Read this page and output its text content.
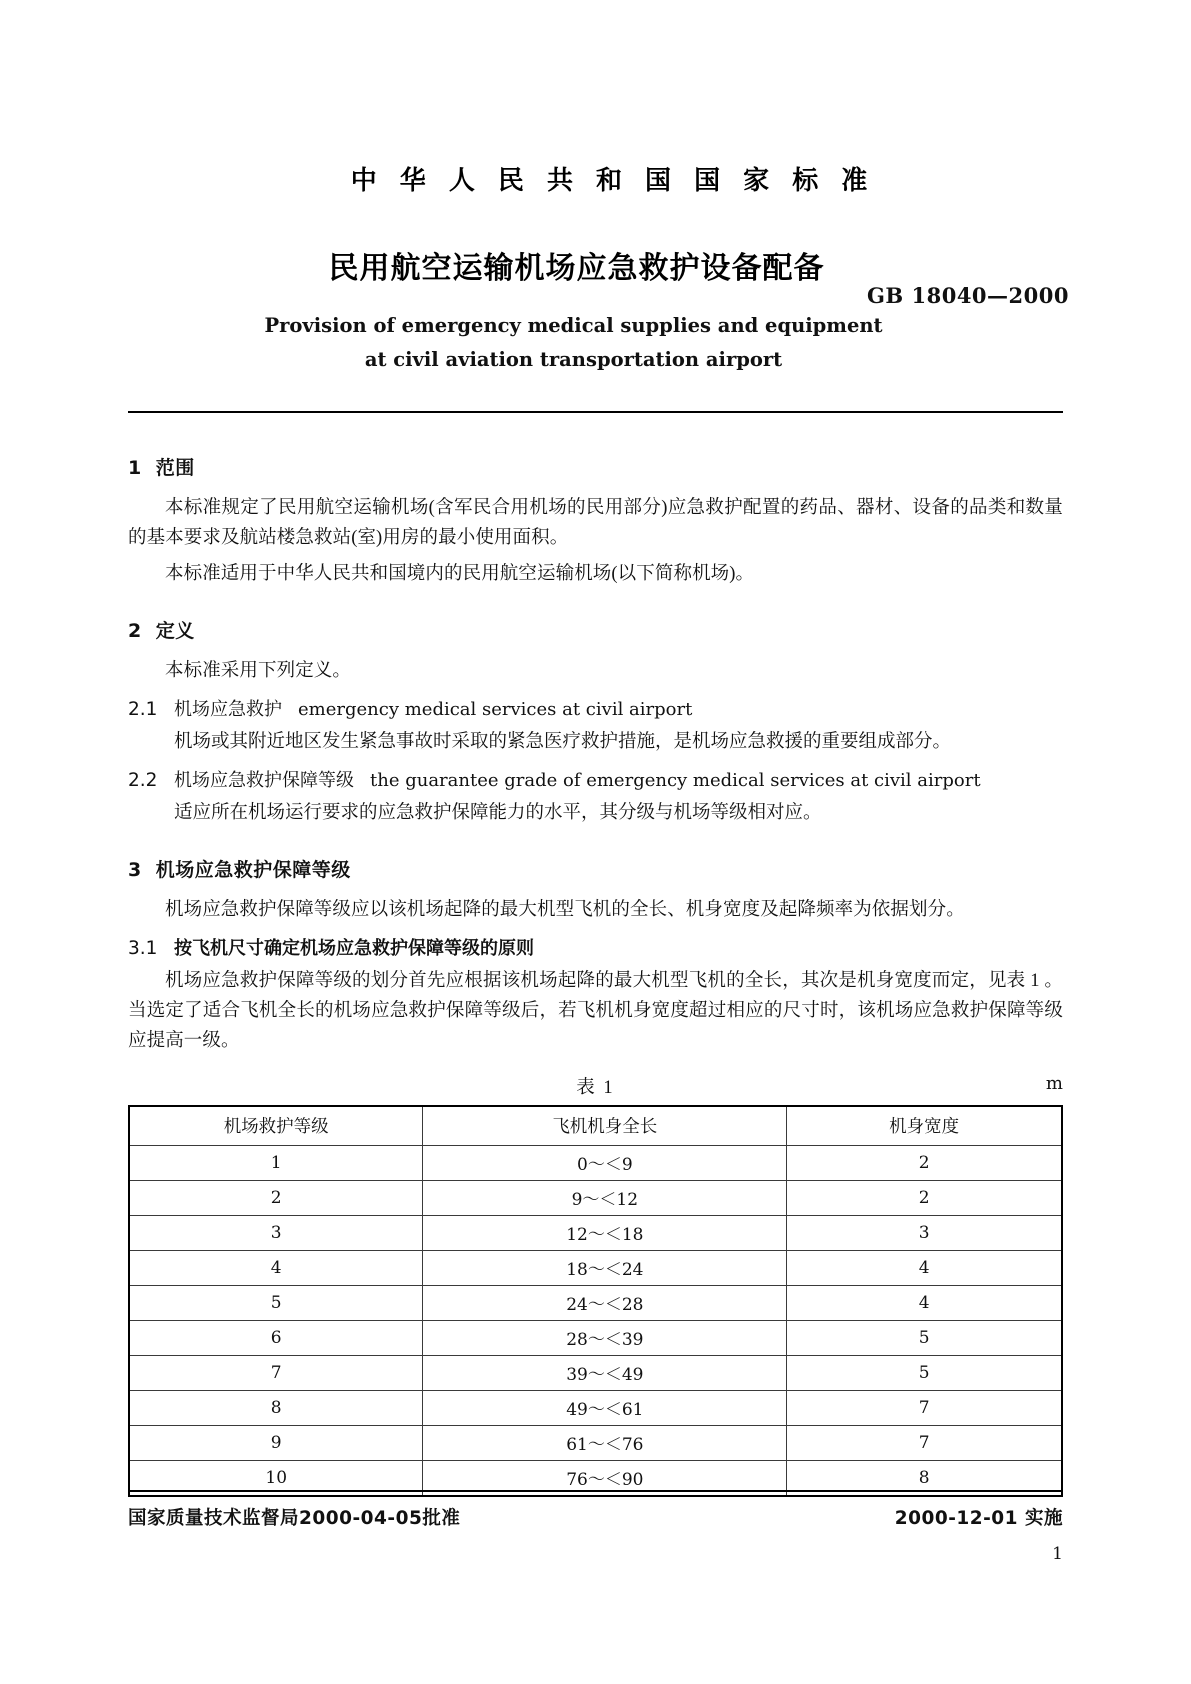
中 华 人 民 共 和 国 国 家 标 准
民用航空运输机场应急救护设备配备
GB 18040—2000
Provision of emergency medical supplies and equipment
at civil aviation transportation airport
1 范围

本标准规定了民用航空运输机场(含军民合用机场的民用部分)应急救护配置的药品、器材、设备的品类和数量的基本要求及航站楼急救站(室)用房的最小使用面积。

本标准适用于中华人民共和国境内的民用航空运输机场(以下简称机场)。

2 定义

本标准采用下列定义。

2.1 机场应急救护 emergency medical services at civil airport

机场或其附近地区发生紧急事故时采取的紧急医疗救护措施，是机场应急救援的重要组成部分。

2.2 机场应急救护保障等级 the guarantee grade of emergency medical services at civil airport

适应所在机场运行要求的应急救护保障能力的水平，其分级与机场等级相对应。

3 机场应急救护保障等级

机场应急救护保障等级应以该机场起降的最大机型飞机的全长、机身宽度及起降频率为依据划分。

3.1 按飞机尺寸确定机场应急救护保障等级的原则

机场应急救护保障等级的划分首先应根据该机场起降的最大机型飞机的全长，其次是机身宽度而定，见表 1 。当选定了适合飞机全长的机场应急救护保障等级后，若飞机机身宽度超过相应的尺寸时，该机场应急救护保障等级应提高一级。

表 1	m
机场救护等级	飞机机身全长	机身宽度
1	0～＜9	2
2	9～＜12	2
3	12～＜18	3
4	18～＜24	4
5	24～＜28	4
6	28～＜39	5
7	39～＜49	5
8	49～＜61	7
9	61～＜76	7
10	76～＜90	8
国家质量技术监督局2000-04-05批准	2000-12-01 实施
1
